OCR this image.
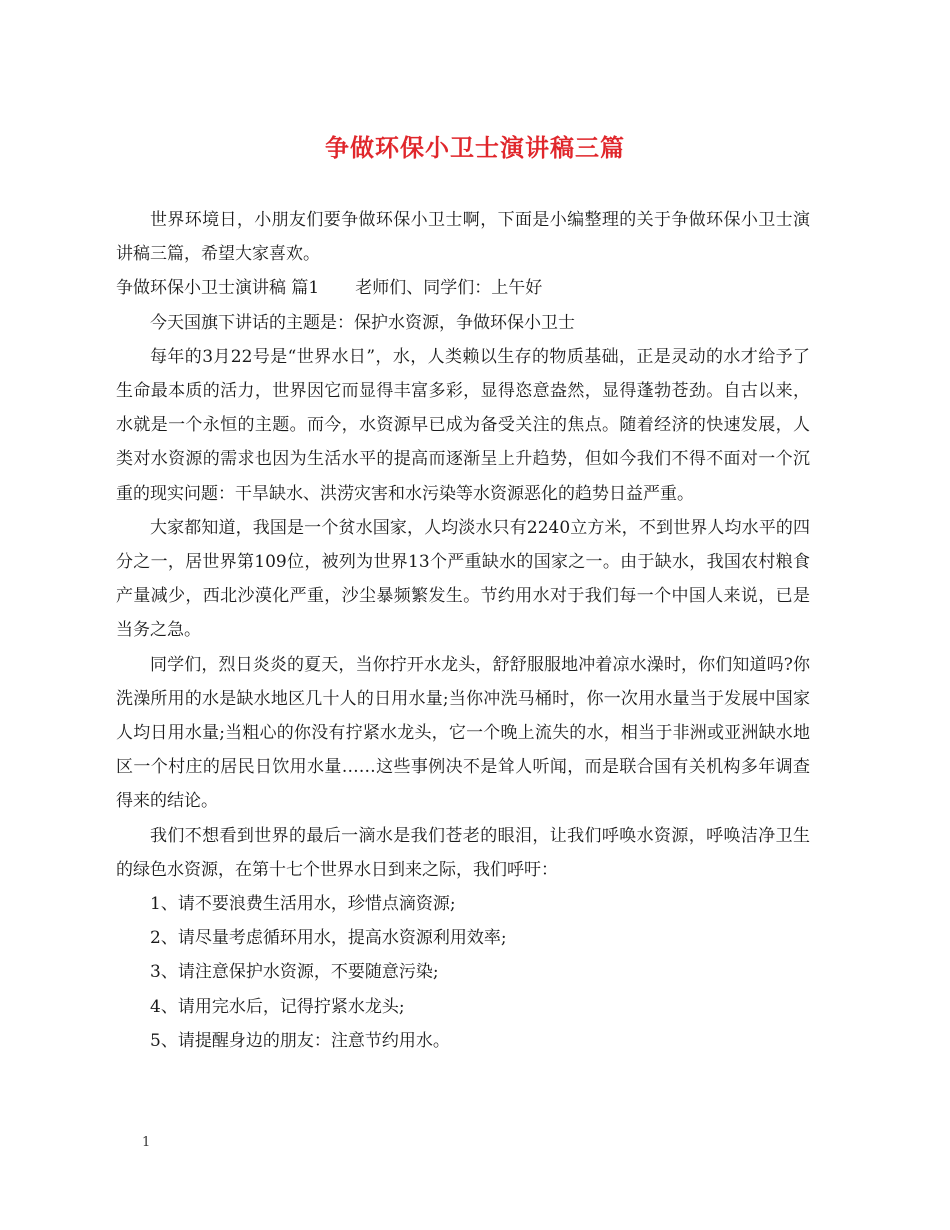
争做环保小卫士演讲稿三篇

世界环境日，小朋友们要争做环保小卫士啊，下面是小编整理的关于争做环保小卫士演讲稿三篇，希望大家喜欢。

争做环保小卫士演讲稿 篇1 老师们、同学们：上午好

今天国旗下讲话的主题是：保护水资源，争做环保小卫士

每年的3月22号是“世界水日”，水，人类赖以生存的物质基础，正是灵动的水才给予了生命最本质的活力，世界因它而显得丰富多彩，显得恣意盎然，显得蓬勃苍劲。自古以来，水就是一个永恒的主题。而今，水资源早已成为备受关注的焦点。随着经济的快速发展，人类对水资源的需求也因为生活水平的提高而逐渐呈上升趋势，但如今我们不得不面对一个沉重的现实问题：干旱缺水、洪涝灾害和水污染等水资源恶化的趋势日益严重。

大家都知道，我国是一个贫水国家，人均淡水只有2240立方米，不到世界人均水平的四分之一，居世界第109位，被列为世界13个严重缺水的国家之一。由于缺水，我国农村粮食产量减少，西北沙漠化严重，沙尘暴频繁发生。节约用水对于我们每一个中国人来说，已是当务之急。

同学们，烈日炎炎的夏天，当你拧开水龙头，舒舒服服地冲着凉水澡时，你们知道吗?你洗澡所用的水是缺水地区几十人的日用水量;当你冲洗马桶时，你一次用水量当于发展中国家人均日用水量;当粗心的你没有拧紧水龙头，它一个晚上流失的水，相当于非洲或亚洲缺水地区一个村庄的居民日饮用水量……这些事例决不是耸人听闻，而是联合国有关机构多年调查得来的结论。

我们不想看到世界的最后一滴水是我们苍老的眼泪，让我们呼唤水资源，呼唤洁净卫生的绿色水资源，在第十七个世界水日到来之际，我们呼吁：

1、请不要浪费生活用水，珍惜点滴资源;

2、请尽量考虑循环用水，提高水资源利用效率;

3、请注意保护水资源，不要随意污染;

4、请用完水后，记得拧紧水龙头;

5、请提醒身边的朋友：注意节约用水。

1
